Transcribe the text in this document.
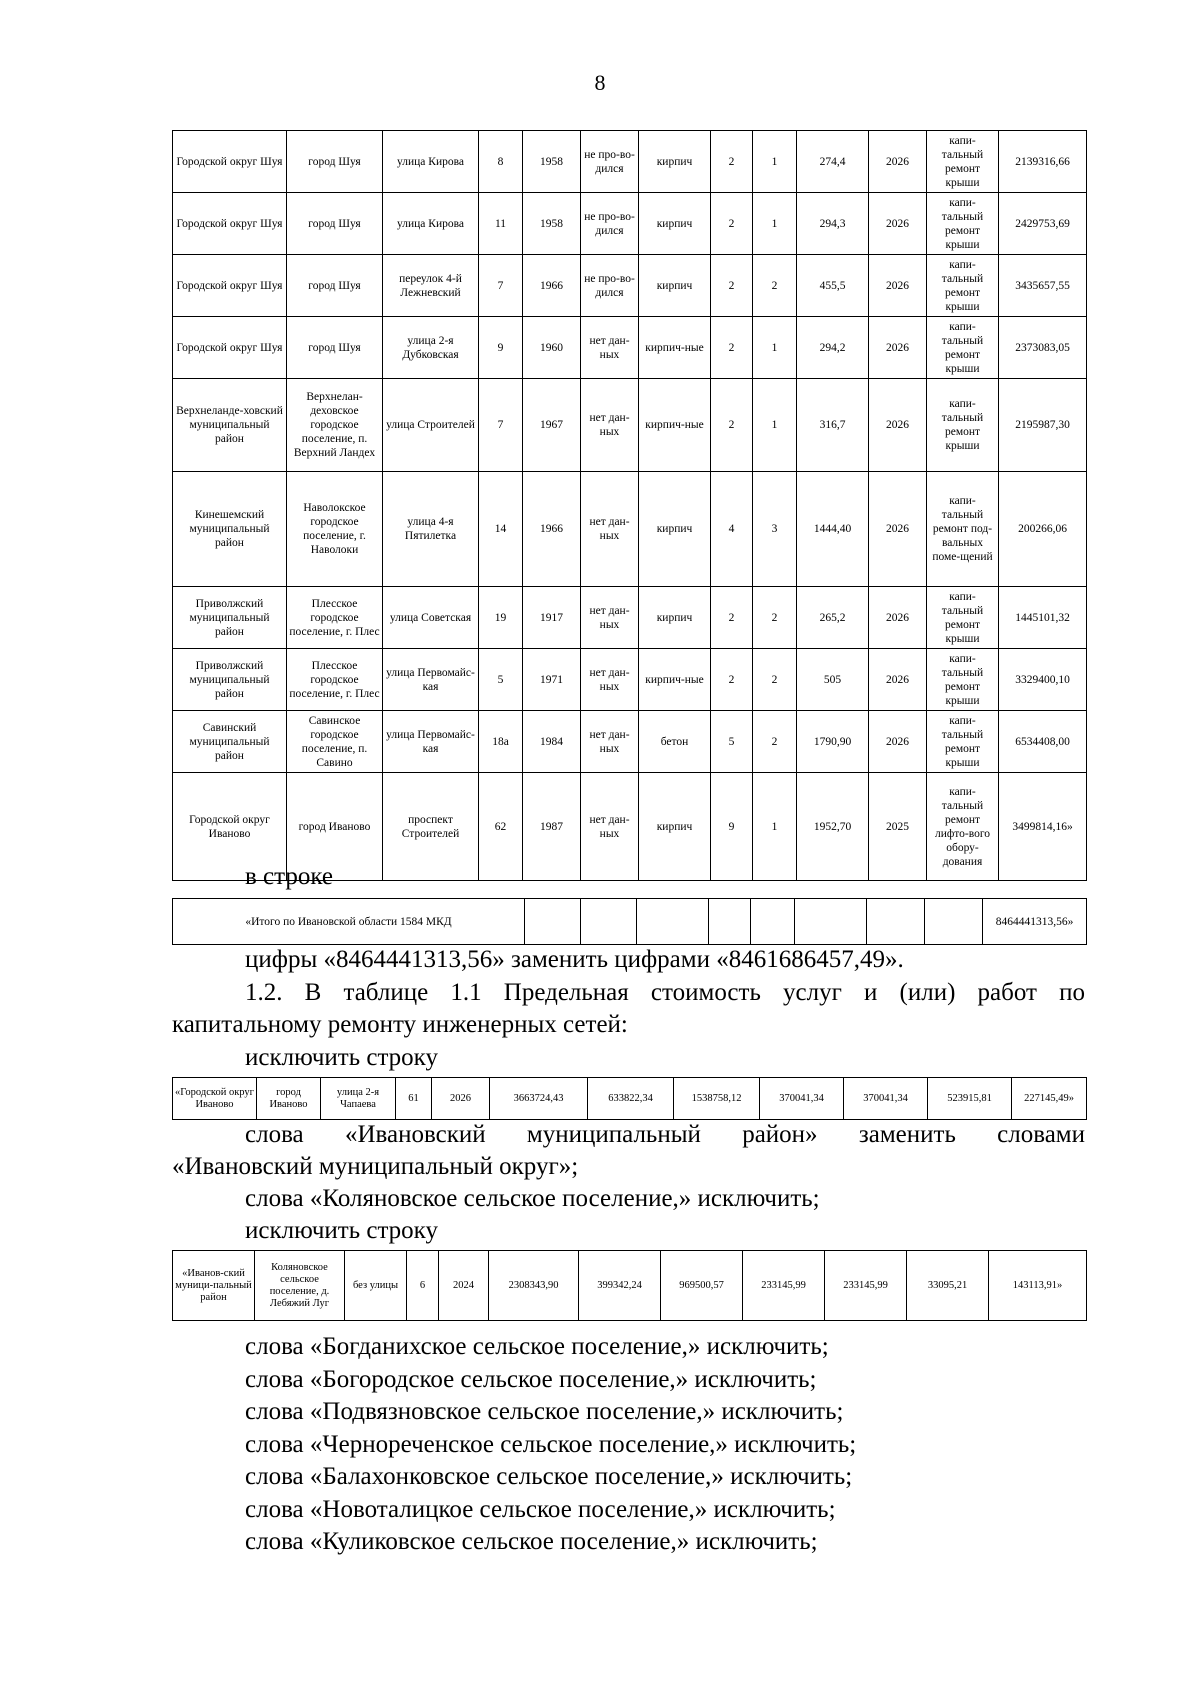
8
Городской округ Шуя	город Шуя	улица Кирова	8	1958	не про-во-дился	кирпич	2	1	274,4	2026	капи-тальный ремонт крыши	2139316,66
Городской округ Шуя	город Шуя	улица Кирова	11	1958	не про-во-дился	кирпич	2	1	294,3	2026	капи-тальный ремонт крыши	2429753,69
Городской округ Шуя	город Шуя	переулок 4-й Лежневский	7	1966	не про-во-дился	кирпич	2	2	455,5	2026	капи-тальный ремонт крыши	3435657,55
Городской округ Шуя	город Шуя	улица 2-я Дубковская	9	1960	нет дан-ных	кирпич-ные	2	1	294,2	2026	капи-тальный ремонт крыши	2373083,05
Верхнеланде-ховский муниципальный район	Верхнелан-деховское городское поселение, п. Верхний Ландех	улица Строителей	7	1967	нет дан-ных	кирпич-ные	2	1	316,7	2026	капи-тальный ремонт крыши	2195987,30
Кинешемский муниципальный район	Наволокское городское поселение, г. Наволоки	улица 4-я Пятилетка	14	1966	нет дан-ных	кирпич	4	3	1444,40	2026	капи-тальный ремонт под-вальных поме-щений	200266,06
Приволжский муниципальный район	Плесское городское поселение, г. Плес	улица Советская	19	1917	нет дан-ных	кирпич	2	2	265,2	2026	капи-тальный ремонт крыши	1445101,32
Приволжский муниципальный район	Плесское городское поселение, г. Плес	улица Первомайс-кая	5	1971	нет дан-ных	кирпич-ные	2	2	505	2026	капи-тальный ремонт крыши	3329400,10
Савинский муниципальный район	Савинское городское поселение, п. Савино	улица Первомайс-кая	18а	1984	нет дан-ных	бетон	5	2	1790,90	2026	капи-тальный ремонт крыши	6534408,00
Городской округ Иваново	город Иваново	проспект Строителей	62	1987	нет дан-ных	кирпич	9	1	1952,70	2025	капи-тальный ремонт лифто-вого обору-дования	3499814,16»
в строке
«Итого по Ивановской области 1584 МКД									8464441313,56»
цифры «8464441313,56» заменить цифрами «8461686457,49».
1.2. В таблице 1.1 Предельная стоимость услуг и (или) работ по
капитальному ремонту инженерных сетей:
исключить строку
«Городской округ Иваново	город Иваново	улица 2-я Чапаева	61	2026	3663724,43	633822,34	1538758,12	370041,34	370041,34	523915,81	227145,49»
слова «Ивановский муниципальный район» заменить словами
«Ивановский муниципальный округ»;
слова «Коляновское сельское поселение,» исключить;
исключить строку
«Иванов-ский муници-пальный район	Коляновское сельское поселение, д. Лебяжий Луг	без улицы	6	2024	2308343,90	399342,24	969500,57	233145,99	233145,99	33095,21	143113,91»
слова «Богданихское сельское поселение,» исключить;
слова «Богородское сельское поселение,» исключить;
слова «Подвязновское сельское поселение,» исключить;
слова «Чернореченское сельское поселение,» исключить;
слова «Балахонковское сельское поселение,» исключить;
слова «Новоталицкое сельское поселение,» исключить;
слова «Куликовское сельское поселение,» исключить;
